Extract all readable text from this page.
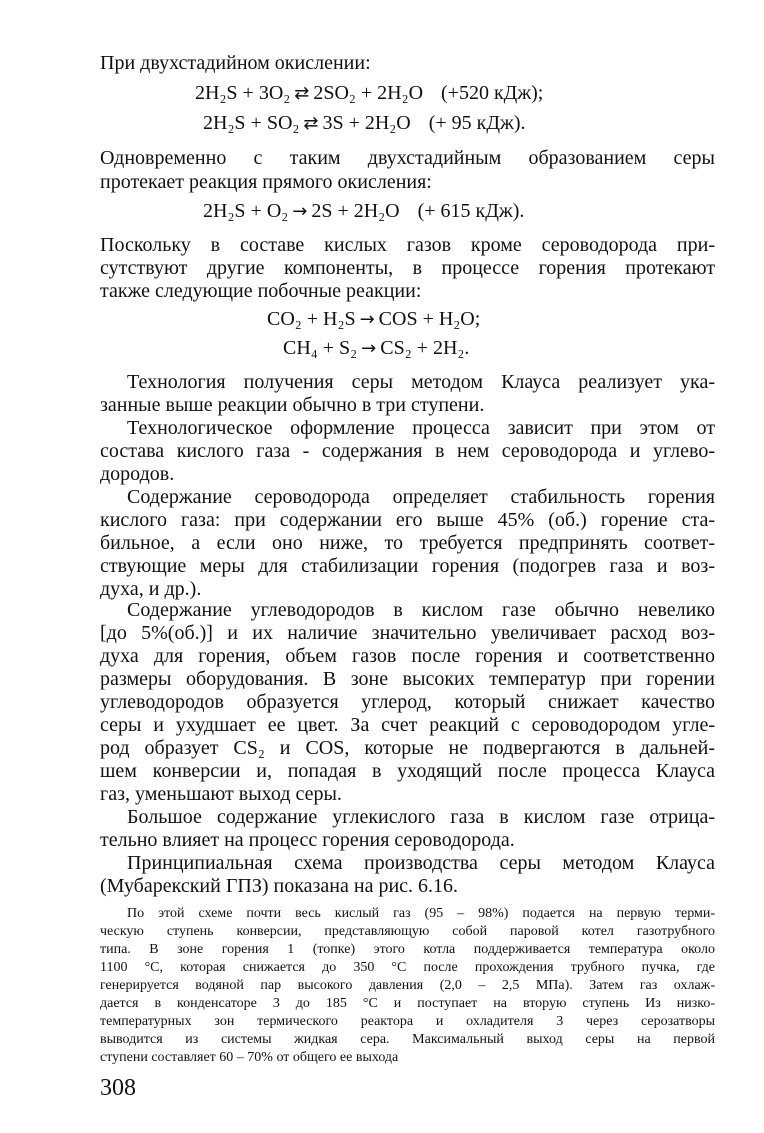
При двухстадийном окислении:
2H₂S + 3O₂ ⇄ 2SO₂ + 2H₂O (+520 кДж);
2H₂S + SO₂ ⇄ 3S + 2H₂O (+ 95 кДж).
Одновременно с таким двухстадийным образованием серы
протекает реакция прямого окисления:
2H₂S + O₂ → 2S + 2H₂O (+ 615 кДж).
Поскольку в составе кислых газов кроме сероводорода при-
сутствуют другие компоненты, в процессе горения протекают
также следующие побочные реакции:
CO₂ + H₂S → COS + H₂O;
CH₄ + S₂ → CS₂ + 2H₂.
Технология получения серы методом Клауса реализует ука-
занные выше реакции обычно в три ступени.
Технологическое оформление процесса зависит при этом от
состава кислого газа - содержания в нем сероводорода и углево-
дородов.
Содержание сероводорода определяет стабильность горения
кислого газа: при содержании его выше 45% (об.) горение ста-
бильное, а если оно ниже, то требуется предпринять соответ-
ствующие меры для стабилизации горения (подогрев газа и воз-
духа, и др.).
Содержание углеводородов в кислом газе обычно невелико
[до 5%(об.)] и их наличие значительно увеличивает расход воз-
духа для горения, объем газов после горения и соответственно
размеры оборудования. В зоне высоких температур при горении
углеводородов образуется углерод, который снижает качество
серы и ухудшает ее цвет. За счет реакций с сероводородом угле-
род образует CS₂ и COS, которые не подвергаются в дальней-
шем конверсии и, попадая в уходящий после процесса Клауса
газ, уменьшают выход серы.
Большое содержание углекислого газа в кислом газе отрица-
тельно влияет на процесс горения сероводорода.
Принципиальная схема производства серы методом Клауса
(Мубарекский ГПЗ) показана на рис. 6.16.
По этой схеме почти весь кислый газ (95 – 98%) подается на первую терми-
ческую ступень конверсии, представляющую собой паровой котел газотрубного
типа. В зоне горения 1 (топке) этого котла поддерживается температура около
1100 °С, которая снижается до 350 °С после прохождения трубного пучка, где
генерируется водяной пар высокого давления (2,0 – 2,5 МПа). Затем газ охлаж-
дается в конденсаторе 3 до 185 °С и поступает на вторую ступень Из низко-
температурных зон термического реактора и охладителя 3 через серозатворы
выводится из системы жидкая сера. Максимальный выход серы на первой
ступени составляет 60 – 70% от общего ее выхода
308
